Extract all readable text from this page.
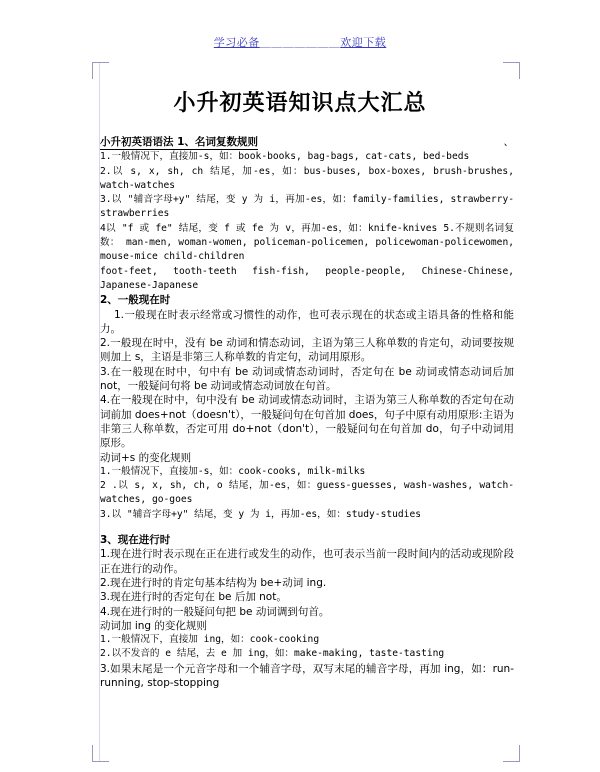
学习必备＿＿＿＿＿＿＿欢迎下载
小升初英语知识点大汇总

小升初英语语法 1、名词复数规则	、

1.一般情况下，直接加-s，如：book-books, bag-bags, cat-cats, bed-beds

2.以 s, x, sh, ch 结尾，加-es，如：bus-buses, box-boxes, brush-brushes, watch-watches

3.以 "辅音字母+y" 结尾，变 y 为 i，再加-es，如：family-families, strawberry-strawberries

4以 "f 或 fe" 结尾，变 f 或 fe 为 v，再加-es，如：knife-knives 5.不规则名词复数： man-men, woman-women, policeman-policemen, policewoman-policewomen, mouse-mice child-children

foot-feet, tooth-teeth fish-fish, people-people, Chinese-Chinese, Japanese-Japanese

2、一般现在时

1.一般现在时表示经常或习惯性的动作，也可表示现在的状态或主语具备的性格和能力。

2.一般现在时中，没有 be 动词和情态动词，主语为第三人称单数的肯定句，动词要按规则加上 s，主语是非第三人称单数的肯定句，动词用原形。

3.在一般现在时中，句中有 be 动词或情态动词时，否定句在 be 动词或情态动词后加 not，一般疑问句将 be 动词或情态动词放在句首。

4.在一般现在时中，句中没有 be 动词或情态动词时，主语为第三人称单数的否定句在动词前加 does+not（doesn't），一般疑问句在句首加 does，句子中原有动用原形:主语为非第三人称单数，否定可用 do+not（don't），一般疑问句在句首加 do，句子中动词用原形。

动词+s 的变化规则

1.一般情况下，直接加-s，如：cook-cooks, milk-milks

2 .以 s, x, sh, ch, o 结尾，加-es，如：guess-guesses, wash-washes, watch-watches, go-goes

3.以 "辅音字母+y" 结尾，变 y 为 i，再加-es，如：study-studies

3、现在进行时

1.现在进行时表示现在正在进行或发生的动作，也可表示当前一段时间内的活动或现阶段正在进行的动作。

2.现在进行时的肯定句基本结构为 be+动词 ing.

3.现在进行时的否定句在 be 后加 not。

4.现在进行时的一般疑问句把 be 动词调到句首。

动词加 ing 的变化规则

1.一般情况下，直接加 ing，如：cook-cooking

2.以不发音的 e 结尾，去 e 加 ing，如：make-making, taste-tasting

3.如果末尾是一个元音字母和一个辅音字母，双写末尾的辅音字母，再加 ing，如：run-running, stop-stopping
